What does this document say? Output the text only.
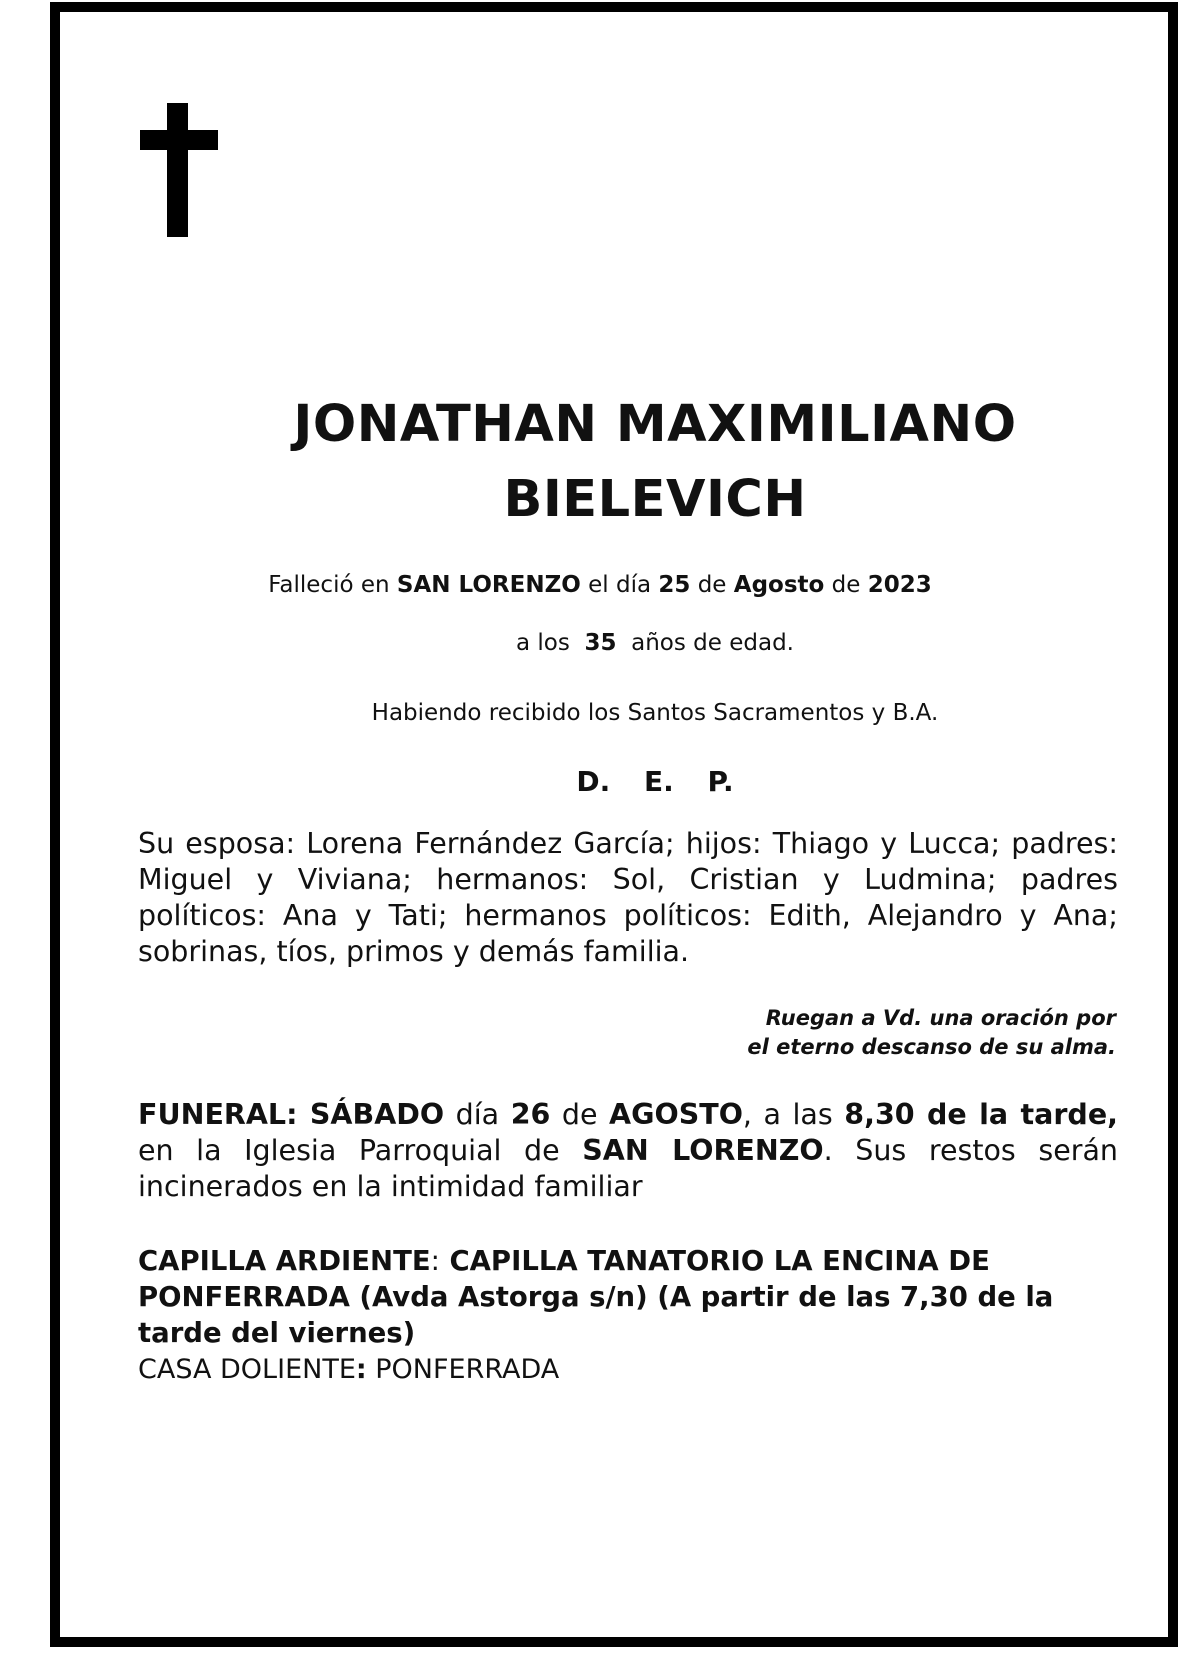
JONATHAN MAXIMILIANO
BIELEVICH
Falleció en SAN LORENZO el día 25 de Agosto de 2023
a los 35 años de edad.
Habiendo recibido los Santos Sacramentos y B.A.
D. E. P.
Su esposa: Lorena Fernández García; hijos: Thiago y Lucca; padres: Miguel y Viviana; hermanos: Sol, Cristian y Ludmina; padres políticos: Ana y Tati; hermanos políticos: Edith, Alejandro y Ana; sobrinas, tíos, primos y demás familia.
Ruegan a Vd. una oración por
el eterno descanso de su alma.
FUNERAL: SÁBADO día 26 de AGOSTO, a las 8,30 de la tarde, en la Iglesia Parroquial de SAN LORENZO. Sus restos serán incinerados en la intimidad familiar
CAPILLA ARDIENTE: CAPILLA TANATORIO LA ENCINA DE PONFERRADA (Avda Astorga s/n) (A partir de las 7,30 de la tarde del viernes)
CASA DOLIENTE: PONFERRADA
